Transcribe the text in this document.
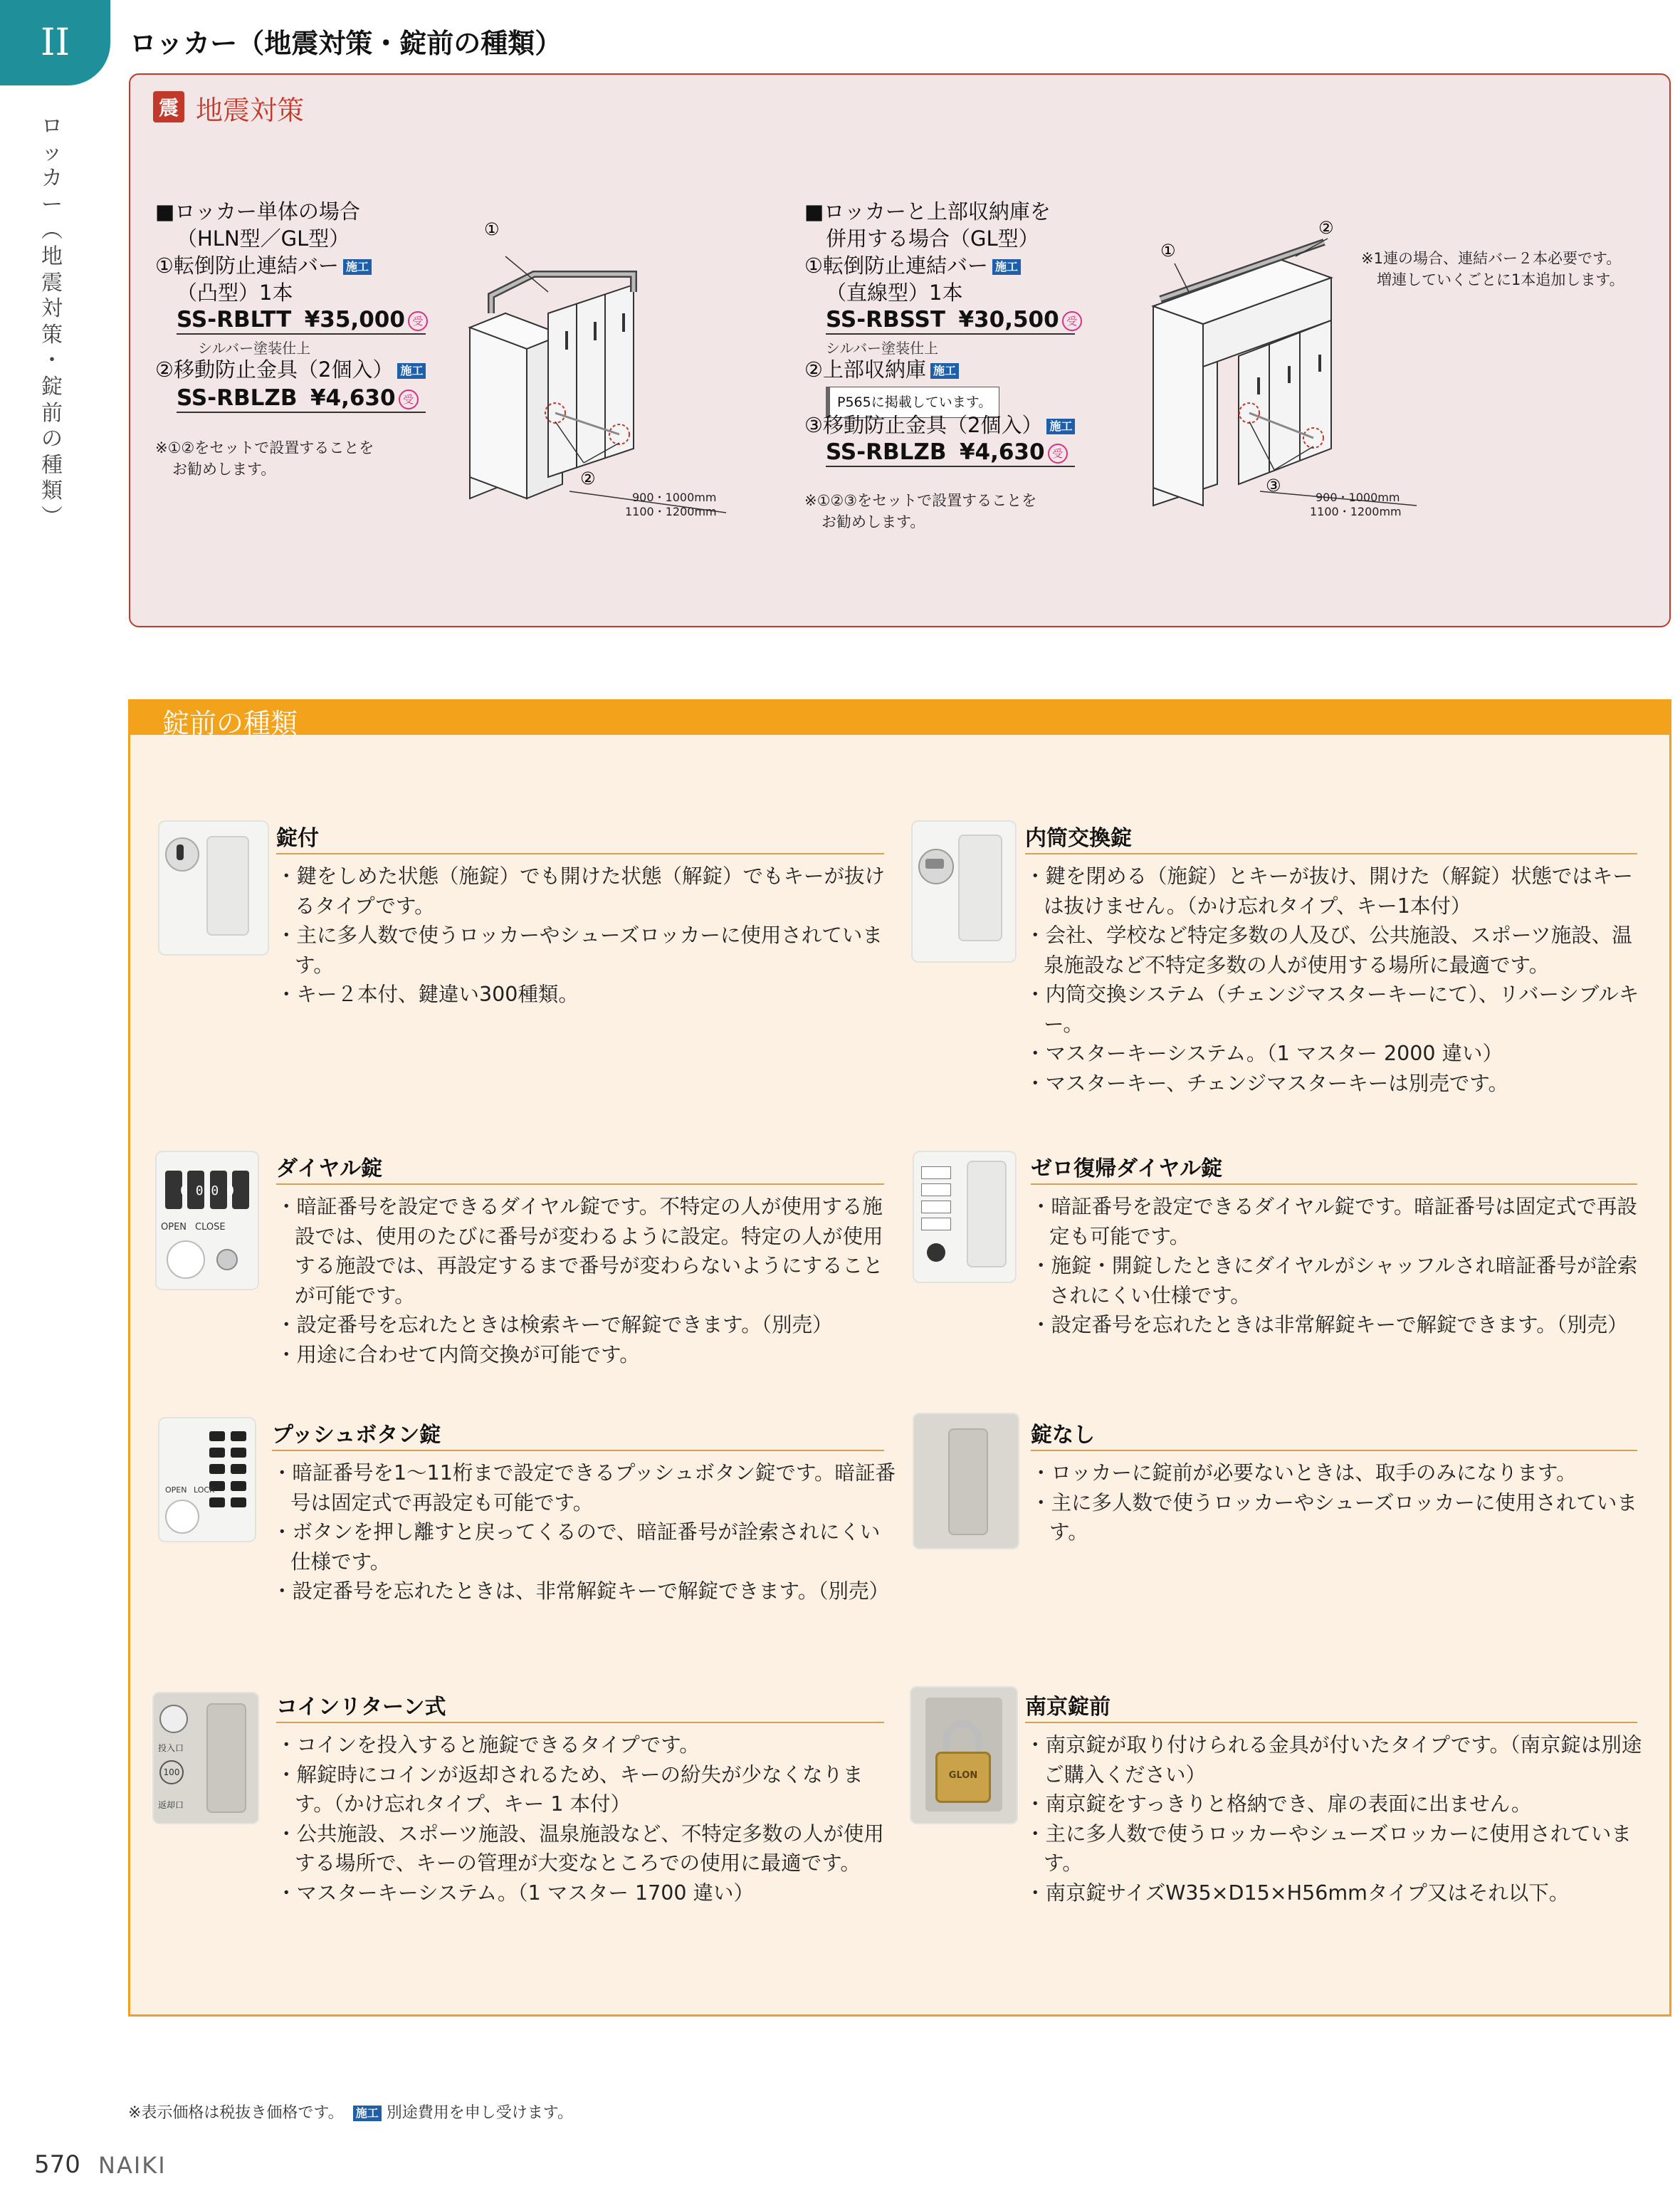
II
ロ
ッ
カ
ー
︵
地
震
対
策
・
錠
前
の
種
類
︶
ロッカー（地震対策・錠前の種類）
震 地震対策
■ロッカー単体の場合
（HLN型／GL型）
①転倒防止連結バー 施工
（凸型）1本
SS-RBLTT ¥35,000 受
シルバー塗装仕上
②移動防止金具（2個入） 施工
SS-RBLZB ¥4,630 受
※①②をセットで設置することを
お勧めします。
①
②
900・1000mm
1100・1200mm
■ロッカーと上部収納庫を
併用する場合（GL型）
①転倒防止連結バー 施工
（直線型）1本
SS-RBSST ¥30,500 受
シルバー塗装仕上
②上部収納庫 施工
P565に掲載しています。
③移動防止金具（2個入） 施工
SS-RBLZB ¥4,630 受
※①②③をセットで設置することを
お勧めします。
①
②
③
900・1000mm
1100・1200mm
※1連の場合、連結バー２本必要です。
増連していくごとに1本追加します。
錠前の種類
錠付
・鍵をしめた状態（施錠）でも開けた状態（解錠）でもキーが抜けるタイプです。
・主に多人数で使うロッカーやシューズロッカーに使用されています。
・キー２本付、鍵違い300種類。
内筒交換錠
・鍵を閉める（施錠）とキーが抜け、開けた（解錠）状態ではキーは抜けません。（かけ忘れタイプ、キー1本付）
・会社、学校など特定多数の人及び、公共施設、スポーツ施設、温泉施設など不特定多数の人が使用する場所に最適です。
・内筒交換システム（チェンジマスターキーにて）、リバーシブルキー。
・マスターキーシステム。（1 マスター 2000 違い）
・マスターキー、チェンジマスターキーは別売です。
0 0 0 0
OPEN CLOSE
ダイヤル錠
・暗証番号を設定できるダイヤル錠です。不特定の人が使用する施設では、使用のたびに番号が変わるように設定。特定の人が使用する施設では、再設定するまで番号が変わらないようにすることが可能です。
・設定番号を忘れたときは検索キーで解錠できます。（別売）
・用途に合わせて内筒交換が可能です。
ゼロ復帰ダイヤル錠
・暗証番号を設定できるダイヤル錠です。暗証番号は固定式で再設定も可能です。
・施錠・開錠したときにダイヤルがシャッフルされ暗証番号が詮索されにくい仕様です。
・設定番号を忘れたときは非常解錠キーで解錠できます。（別売）
OPEN LOCK
プッシュボタン錠
・暗証番号を1～11桁まで設定できるプッシュボタン錠です。暗証番号は固定式で再設定も可能です。
・ボタンを押し離すと戻ってくるので、暗証番号が詮索されにくい仕様です。
・設定番号を忘れたときは、非常解錠キーで解錠できます。（別売）
錠なし
・ロッカーに錠前が必要ないときは、取手のみになります。
・主に多人数で使うロッカーやシューズロッカーに使用されています。
投入口
100
返却口
コインリターン式
・コインを投入すると施錠できるタイプです。
・解錠時にコインが返却されるため、キーの紛失が少なくなります。（かけ忘れタイプ、キー 1 本付）
・公共施設、スポーツ施設、温泉施設など、不特定多数の人が使用する場所で、キーの管理が大変なところでの使用に最適です。
・マスターキーシステム。（1 マスター 1700 違い）
GLON
南京錠前
・南京錠が取り付けられる金具が付いたタイプです。（南京錠は別途ご購入ください）
・南京錠をすっきりと格納でき、扉の表面に出ません。
・主に多人数で使うロッカーやシューズロッカーに使用されています。
・南京錠サイズW35×D15×H56mmタイプ又はそれ以下。
※表示価格は税抜き価格です。 施工 別途費用を申し受けます。
570 NAIKI
